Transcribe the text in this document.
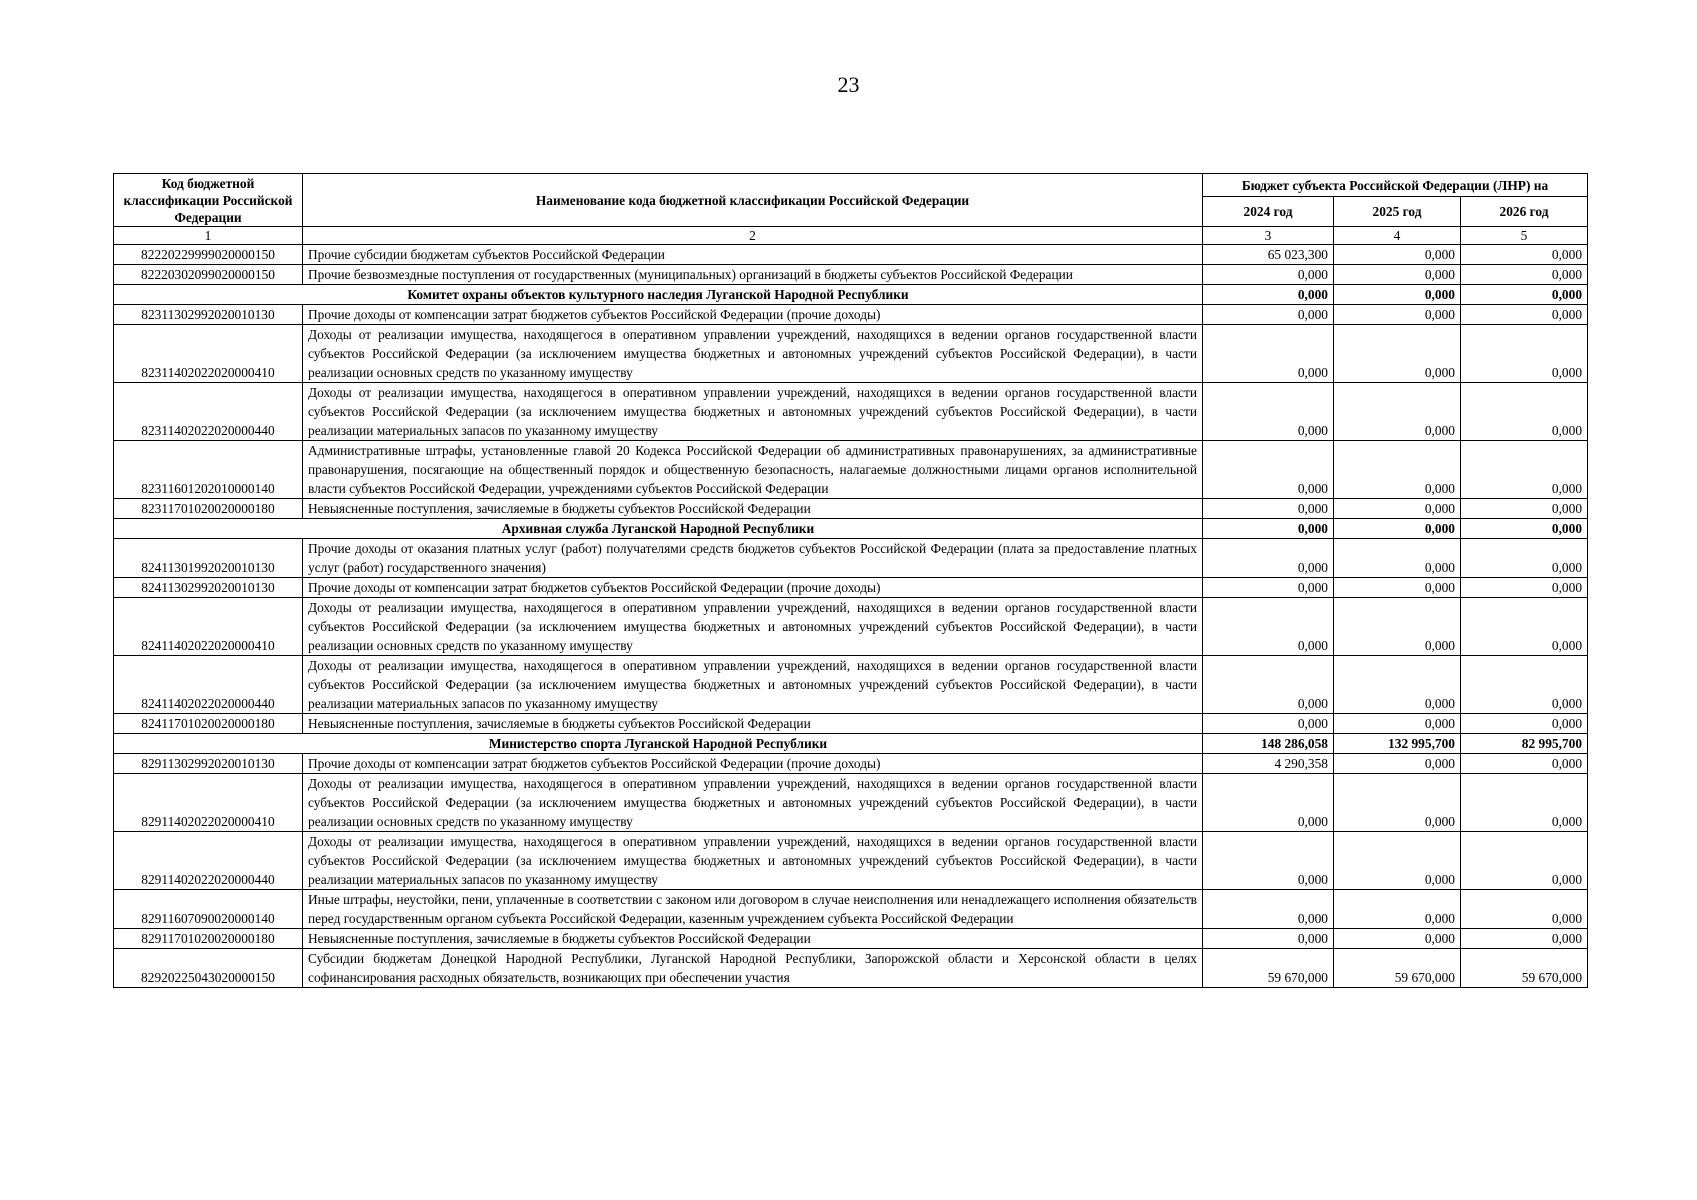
23
Код бюджетной классификации Российской Федерации	Наименование кода бюджетной классификации Российской Федерации	Бюджет субъекта Российской Федерации (ЛНР) на		
		2024 год	2025 год	2026 год
1	2	3	4	5
82220229999020000150	Прочие субсидии бюджетам субъектов Российской Федерации	65 023,300	0,000	0,000
82220302099020000150	Прочие безвозмездные поступления от государственных (муниципальных) организаций в бюджеты субъектов Российской Федерации	0,000	0,000	0,000
Комитет охраны объектов культурного наследия Луганской Народной Республики		0,000	0,000	0,000
82311302992020010130	Прочие доходы от компенсации затрат бюджетов субъектов Российской Федерации (прочие доходы)	0,000	0,000	0,000
82311402022020000410	Доходы от реализации имущества, находящегося в оперативном управлении учреждений, находящихся в ведении органов государственной власти субъектов Российской Федерации (за исключением имущества бюджетных и автономных учреждений субъектов Российской Федерации), в части реализации основных средств по указанному имуществу	0,000	0,000	0,000
82311402022020000440	Доходы от реализации имущества, находящегося в оперативном управлении учреждений, находящихся в ведении органов государственной власти субъектов Российской Федерации (за исключением имущества бюджетных и автономных учреждений субъектов Российской Федерации), в части реализации материальных запасов по указанному имуществу	0,000	0,000	0,000
82311601202010000140	Административные штрафы, установленные главой 20 Кодекса Российской Федерации об административных правонарушениях, за административные правонарушения, посягающие на общественный порядок и общественную безопасность, налагаемые должностными лицами органов исполнительной власти субъектов Российской Федерации, учреждениями субъектов Российской Федерации	0,000	0,000	0,000
82311701020020000180	Невыясненные поступления, зачисляемые в бюджеты субъектов Российской Федерации	0,000	0,000	0,000
Архивная служба Луганской Народной Республики		0,000	0,000	0,000
82411301992020010130	Прочие доходы от оказания платных услуг (работ) получателями средств бюджетов субъектов Российской Федерации (плата за предоставление платных услуг (работ) государственного значения)	0,000	0,000	0,000
82411302992020010130	Прочие доходы от компенсации затрат бюджетов субъектов Российской Федерации (прочие доходы)	0,000	0,000	0,000
82411402022020000410	Доходы от реализации имущества, находящегося в оперативном управлении учреждений, находящихся в ведении органов государственной власти субъектов Российской Федерации (за исключением имущества бюджетных и автономных учреждений субъектов Российской Федерации), в части реализации основных средств по указанному имуществу	0,000	0,000	0,000
82411402022020000440	Доходы от реализации имущества, находящегося в оперативном управлении учреждений, находящихся в ведении органов государственной власти субъектов Российской Федерации (за исключением имущества бюджетных и автономных учреждений субъектов Российской Федерации), в части реализации материальных запасов по указанному имуществу	0,000	0,000	0,000
82411701020020000180	Невыясненные поступления, зачисляемые в бюджеты субъектов Российской Федерации	0,000	0,000	0,000
Министерство спорта Луганской Народной Республики		148 286,058	132 995,700	82 995,700
82911302992020010130	Прочие доходы от компенсации затрат бюджетов субъектов Российской Федерации (прочие доходы)	4 290,358	0,000	0,000
82911402022020000410	Доходы от реализации имущества, находящегося в оперативном управлении учреждений, находящихся в ведении органов государственной власти субъектов Российской Федерации (за исключением имущества бюджетных и автономных учреждений субъектов Российской Федерации), в части реализации основных средств по указанному имуществу	0,000	0,000	0,000
82911402022020000440	Доходы от реализации имущества, находящегося в оперативном управлении учреждений, находящихся в ведении органов государственной власти субъектов Российской Федерации (за исключением имущества бюджетных и автономных учреждений субъектов Российской Федерации), в части реализации материальных запасов по указанному имуществу	0,000	0,000	0,000
82911607090020000140	Иные штрафы, неустойки, пени, уплаченные в соответствии с законом или договором в случае неисполнения или ненадлежащего исполнения обязательств перед государственным органом субъекта Российской Федерации, казенным учреждением субъекта Российской Федерации	0,000	0,000	0,000
82911701020020000180	Невыясненные поступления, зачисляемые в бюджеты субъектов Российской Федерации	0,000	0,000	0,000
82920225043020000150	Субсидии бюджетам Донецкой Народной Республики, Луганской Народной Республики, Запорожской области и Херсонской области в целях софинансирования расходных обязательств, возникающих при обеспечении участия	59 670,000	59 670,000	59 670,000
